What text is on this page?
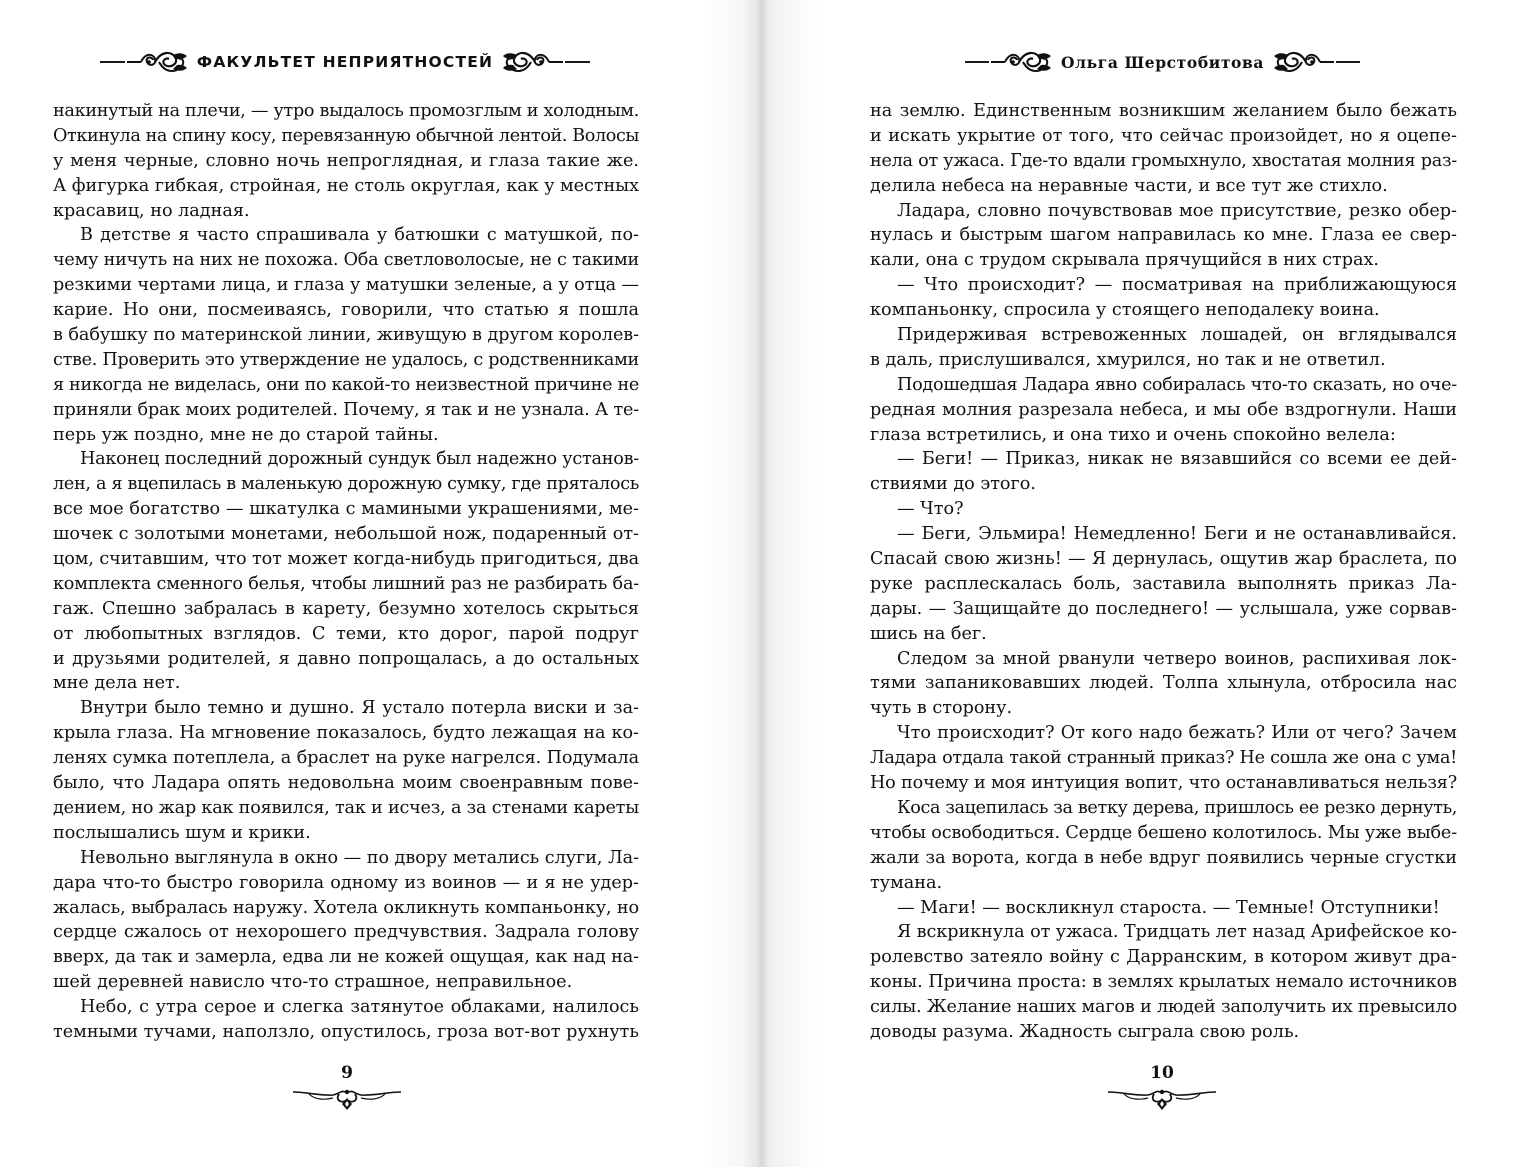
ФАКУЛЬТЕТ НЕПРИЯТНОСТЕЙ
накинутый на плечи, — утро выдалось промозглым и холодным.
Откинула на спину косу, перевязанную обычной лентой. Волосы
у меня черные, словно ночь непроглядная, и глаза такие же.
А фигурка гибкая, стройная, не столь округлая, как у местных
красавиц, но ладная.
В детстве я часто спрашивала у батюшки с матушкой, по-
чему ничуть на них не похожа. Оба светловолосые, не с такими
резкими чертами лица, и глаза у матушки зеленые, а у отца —
карие. Но они, посмеиваясь, говорили, что статью я пошла
в бабушку по материнской линии, живущую в другом королев-
стве. Проверить это утверждение не удалось, с родственниками
я никогда не виделась, они по какой-то неизвестной причине не
приняли брак моих родителей. Почему, я так и не узнала. А те-
перь уж поздно, мне не до старой тайны.
Наконец последний дорожный сундук был надежно установ-
лен, а я вцепилась в маленькую дорожную сумку, где пряталось
все мое богатство — шкатулка с мамиными украшениями, ме-
шочек с золотыми монетами, небольшой нож, подаренный от-
цом, считавшим, что тот может когда-нибудь пригодиться, два
комплекта сменного белья, чтобы лишний раз не разбирать ба-
гаж. Спешно забралась в карету, безумно хотелось скрыться
от любопытных взглядов. С теми, кто дорог, парой подруг
и друзьями родителей, я давно попрощалась, а до остальных
мне дела нет.
Внутри было темно и душно. Я устало потерла виски и за-
крыла глаза. На мгновение показалось, будто лежащая на ко-
ленях сумка потеплела, а браслет на руке нагрелся. Подумала
было, что Ладара опять недовольна моим своенравным пове-
дением, но жар как появился, так и исчез, а за стенами кареты
послышались шум и крики.
Невольно выглянула в окно — по двору метались слуги, Ла-
дара что-то быстро говорила одному из воинов — и я не удер-
жалась, выбралась наружу. Хотела окликнуть компаньонку, но
сердце сжалось от нехорошего предчувствия. Задрала голову
вверх, да так и замерла, едва ли не кожей ощущая, как над на-
шей деревней нависло что-то страшное, неправильное.
Небо, с утра серое и слегка затянутое облаками, налилось
темными тучами, наползло, опустилось, гроза вот-вот рухнуть
9
Ольга Шерстобитова
на землю. Единственным возникшим желанием было бежать
и искать укрытие от того, что сейчас произойдет, но я оцепе-
нела от ужаса. Где-то вдали громыхнуло, хвостатая молния раз-
делила небеса на неравные части, и все тут же стихло.
Ладара, словно почувствовав мое присутствие, резко обер-
нулась и быстрым шагом направилась ко мне. Глаза ее свер-
кали, она с трудом скрывала прячущийся в них страх.
— Что происходит? — посматривая на приближающуюся
компаньонку, спросила у стоящего неподалеку воина.
Придерживая встревоженных лошадей, он вглядывался
в даль, прислушивался, хмурился, но так и не ответил.
Подошедшая Ладара явно собиралась что-то сказать, но оче-
редная молния разрезала небеса, и мы обе вздрогнули. Наши
глаза встретились, и она тихо и очень спокойно велела:
— Беги! — Приказ, никак не вязавшийся со всеми ее дей-
ствиями до этого.
— Что?
— Беги, Эльмира! Немедленно! Беги и не останавливайся.
Спасай свою жизнь! — Я дернулась, ощутив жар браслета, по
руке расплескалась боль, заставила выполнять приказ Ла-
дары. — Защищайте до последнего! — услышала, уже сорвав-
шись на бег.
Следом за мной рванули четверо воинов, распихивая лок-
тями запаниковавших людей. Толпа хлынула, отбросила нас
чуть в сторону.
Что происходит? От кого надо бежать? Или от чего? Зачем
Ладара отдала такой странный приказ? Не сошла же она с ума!
Но почему и моя интуиция вопит, что останавливаться нельзя?
Коса зацепилась за ветку дерева, пришлось ее резко дернуть,
чтобы освободиться. Сердце бешено колотилось. Мы уже выбе-
жали за ворота, когда в небе вдруг появились черные сгустки
тумана.
— Маги! — воскликнул староста. — Темные! Отступники!
Я вскрикнула от ужаса. Тридцать лет назад Арифейское ко-
ролевство затеяло войну с Дарранским, в котором живут дра-
коны. Причина проста: в землях крылатых немало источников
силы. Желание наших магов и людей заполучить их превысило
доводы разума. Жадность сыграла свою роль.
10
